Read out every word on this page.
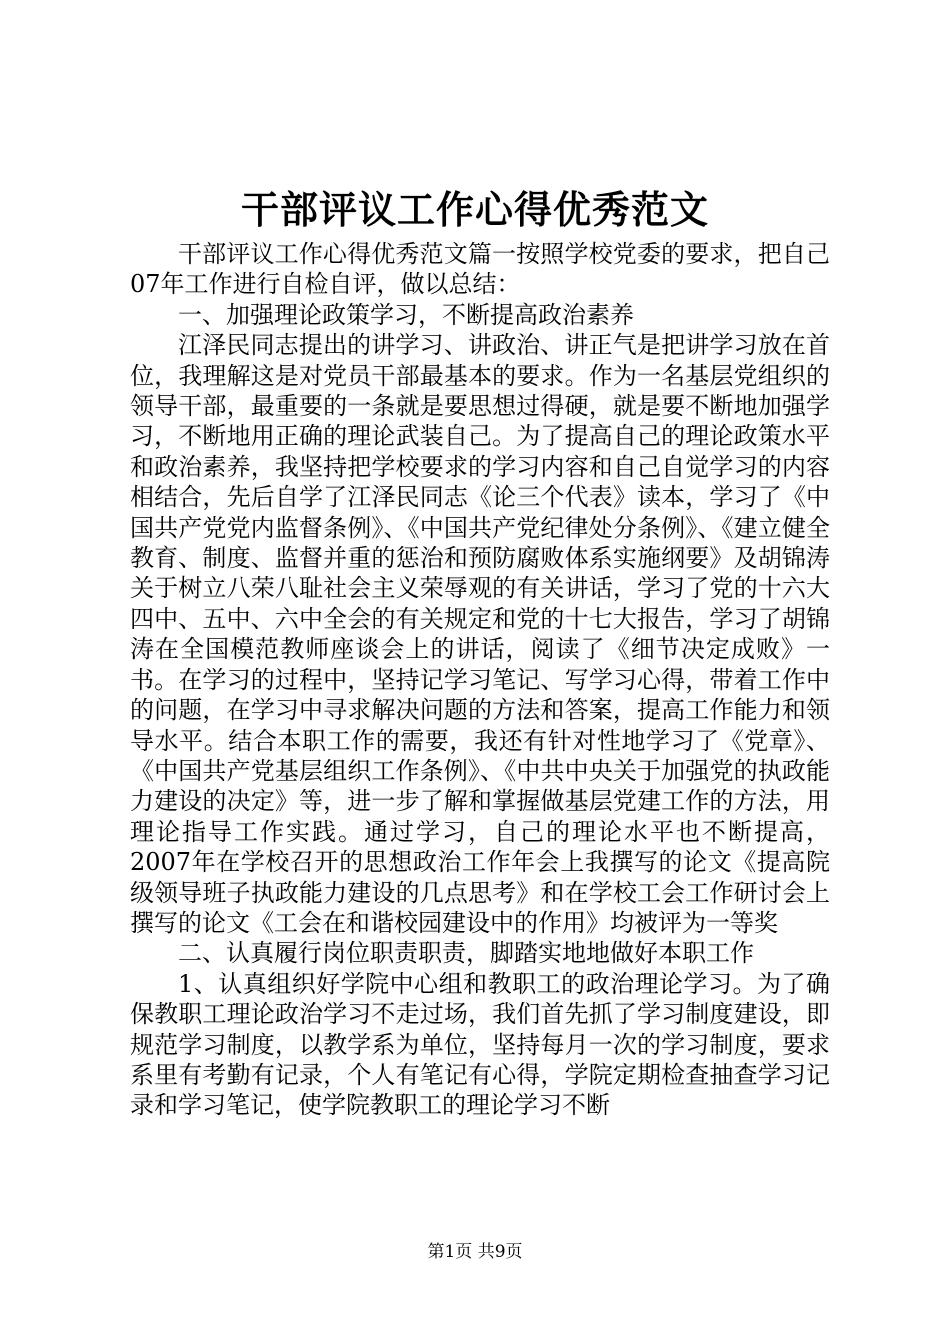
干部评议工作心得优秀范文

干部评议工作心得优秀范文篇一按照学校党委的要求，把自己07年工作进行自检自评，做以总结：

一、加强理论政策学习，不断提高政治素养

江泽民同志提出的讲学习、讲政治、讲正气是把讲学习放在首位，我理解这是对党员干部最基本的要求。作为一名基层党组织的领导干部，最重要的一条就是要思想过得硬，就是要不断地加强学习，不断地用正确的理论武装自己。为了提高自己的理论政策水平和政治素养，我坚持把学校要求的学习内容和自己自觉学习的内容相结合，先后自学了江泽民同志《论三个代表》读本，学习了《中国共产党党内监督条例》、《中国共产党纪律处分条例》、《建立健全教育、制度、监督并重的惩治和预防腐败体系实施纲要》及胡锦涛关于树立八荣八耻社会主义荣辱观的有关讲话，学习了党的十六大四中、五中、六中全会的有关规定和党的十七大报告，学习了胡锦涛在全国模范教师座谈会上的讲话，阅读了《细节决定成败》一书。在学习的过程中，坚持记学习笔记、写学习心得，带着工作中的问题，在学习中寻求解决问题的方法和答案，提高工作能力和领导水平。结合本职工作的需要，我还有针对性地学习了《党章》、《中国共产党基层组织工作条例》、《中共中央关于加强党的执政能力建设的决定》等，进一步了解和掌握做基层党建工作的方法，用理论指导工作实践。通过学习，自己的理论水平也不断提高，2007年在学校召开的思想政治工作年会上我撰写的论文《提高院级领导班子执政能力建设的几点思考》和在学校工会工作研讨会上撰写的论文《工会在和谐校园建设中的作用》均被评为一等奖

二、认真履行岗位职责职责，脚踏实地地做好本职工作

1、认真组织好学院中心组和教职工的政治理论学习。为了确保教职工理论政治学习不走过场，我们首先抓了学习制度建设，即规范学习制度，以教学系为单位，坚持每月一次的学习制度，要求系里有考勤有记录，个人有笔记有心得，学院定期检查抽查学习记录和学习笔记，使学院教职工的理论学习不断

第1页 共9页
